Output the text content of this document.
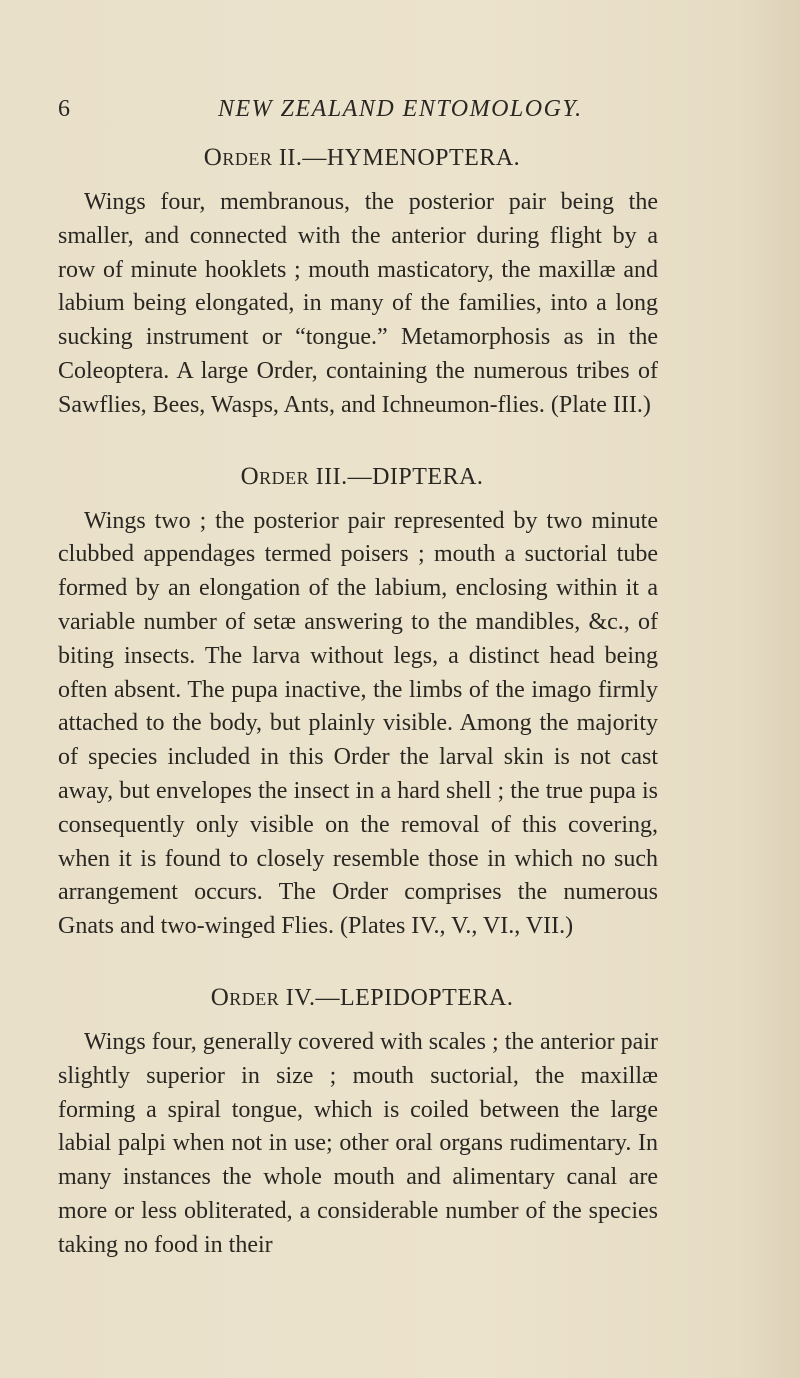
6	NEW ZEALAND ENTOMOLOGY.
Order II.—HYMENOPTERA.

Wings four, membranous, the posterior pair being the smaller, and connected with the anterior during flight by a row of minute hooklets ; mouth masticatory, the maxillæ and labium being elongated, in many of the families, into a long sucking instrument or “tongue.” Metamorphosis as in the Coleoptera. A large Order, containing the numerous tribes of Sawflies, Bees, Wasps, Ants, and Ichneumon-flies. (Plate III.)

Order III.—DIPTERA.

Wings two ; the posterior pair represented by two minute clubbed appendages termed poisers ; mouth a suctorial tube formed by an elongation of the labium, enclosing within it a variable number of setæ answering to the mandibles, &c., of biting insects. The larva without legs, a distinct head being often absent. The pupa inactive, the limbs of the imago firmly attached to the body, but plainly visible. Among the majority of species included in this Order the larval skin is not cast away, but envelopes the insect in a hard shell ; the true pupa is consequently only visible on the removal of this covering, when it is found to closely resemble those in which no such arrangement occurs. The Order comprises the numerous Gnats and two-winged Flies. (Plates IV., V., VI., VII.)

Order IV.—LEPIDOPTERA.

Wings four, generally covered with scales ; the anterior pair slightly superior in size ; mouth suctorial, the maxillæ forming a spiral tongue, which is coiled between the large labial palpi when not in use; other oral organs rudimentary. In many instances the whole mouth and alimentary canal are more or less obliterated, a considerable number of the species taking no food in their
